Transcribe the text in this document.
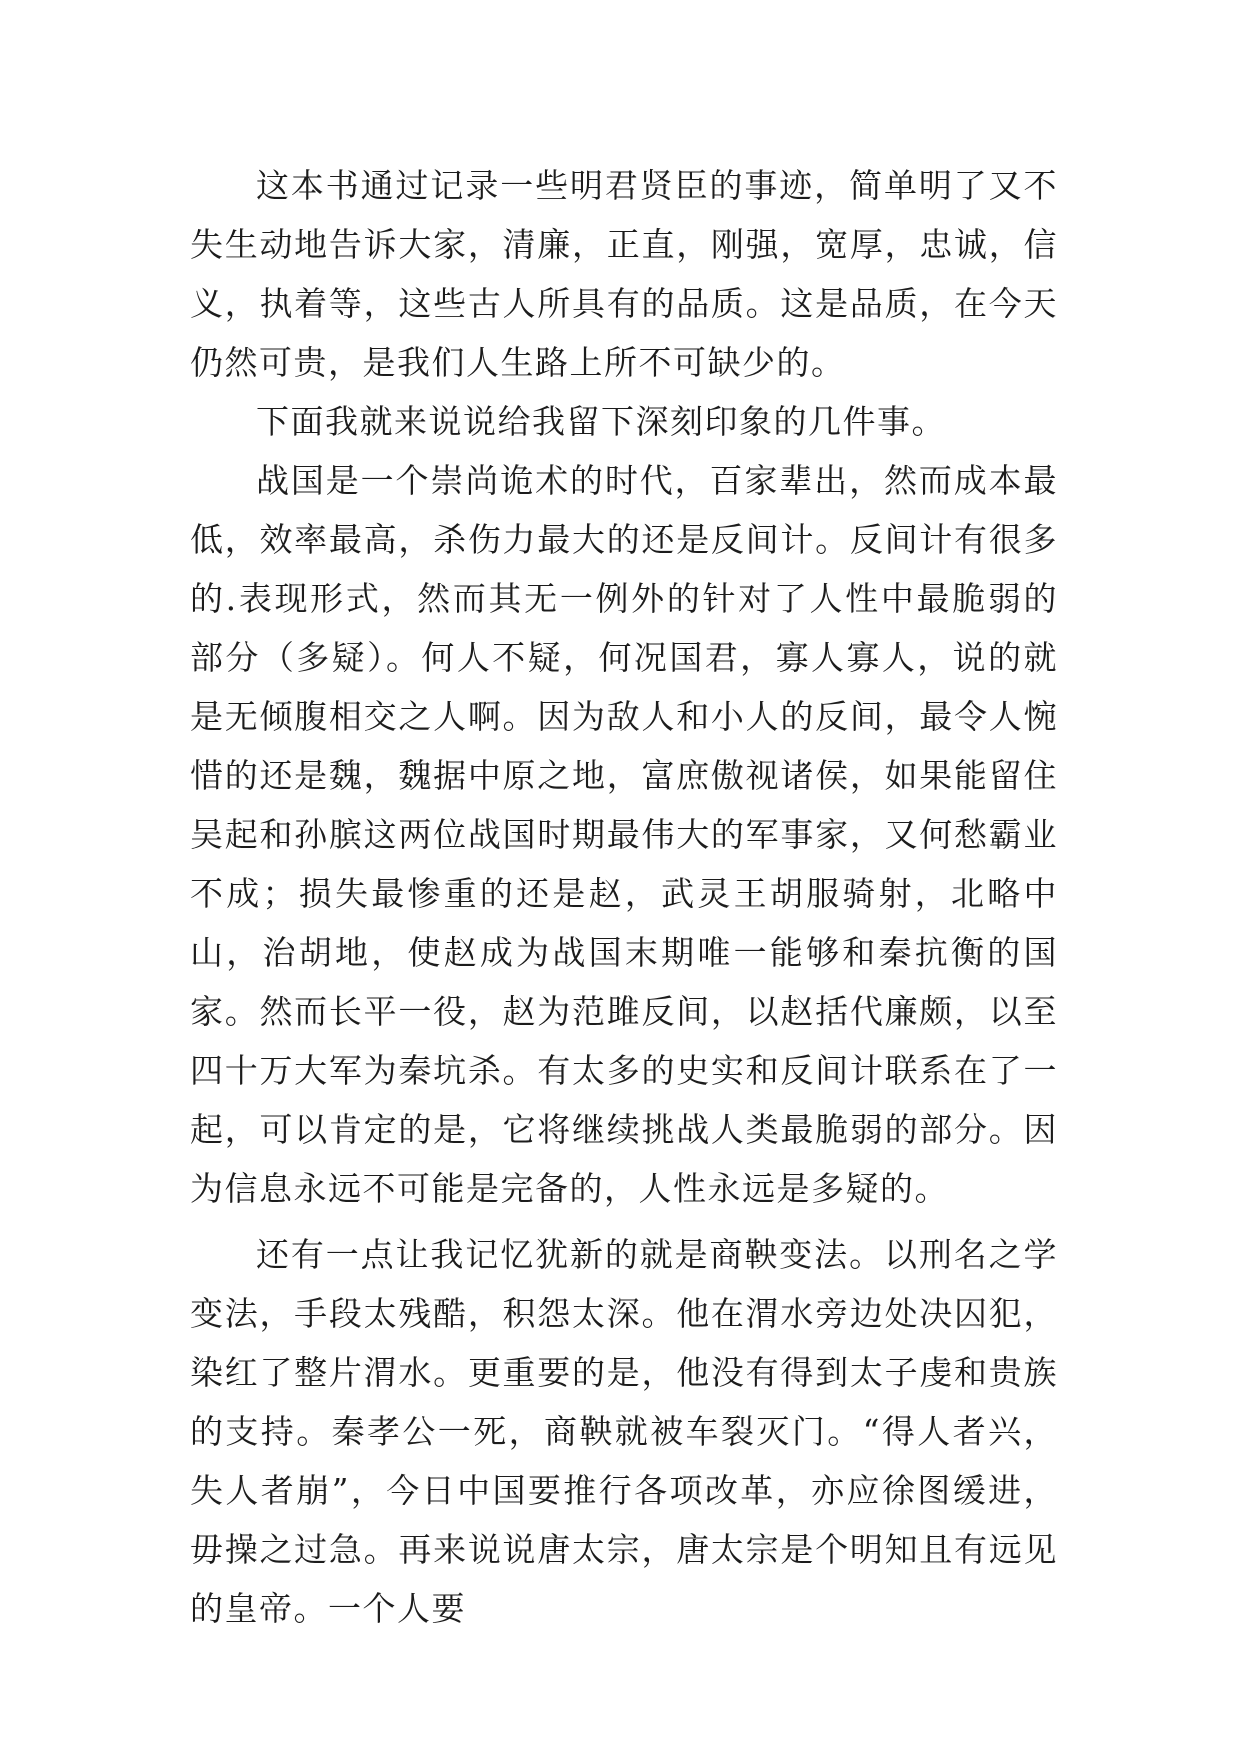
这本书通过记录一些明君贤臣的事迹，简单明了又不失生动地告诉大家，清廉，正直，刚强，宽厚，忠诚，信义，执着等，这些古人所具有的品质。这是品质，在今天仍然可贵，是我们人生路上所不可缺少的。

下面我就来说说给我留下深刻印象的几件事。

战国是一个崇尚诡术的时代，百家辈出，然而成本最低，效率最高，杀伤力最大的还是反间计。反间计有很多的.表现形式，然而其无一例外的针对了人性中最脆弱的部分（多疑）。何人不疑，何况国君，寡人寡人，说的就是无倾腹相交之人啊。因为敌人和小人的反间，最令人惋惜的还是魏，魏据中原之地，富庶傲视诸侯，如果能留住吴起和孙膑这两位战国时期最伟大的军事家，又何愁霸业不成；损失最惨重的还是赵，武灵王胡服骑射，北略中山，治胡地，使赵成为战国末期唯一能够和秦抗衡的国家。然而长平一役，赵为范雎反间，以赵括代廉颇，以至四十万大军为秦坑杀。有太多的史实和反间计联系在了一起，可以肯定的是，它将继续挑战人类最脆弱的部分。因为信息永远不可能是完备的，人性永远是多疑的。

还有一点让我记忆犹新的就是商鞅变法。以刑名之学变法，手段太残酷，积怨太深。他在渭水旁边处决囚犯，染红了整片渭水。更重要的是，他没有得到太子虔和贵族的支持。秦孝公一死，商鞅就被车裂灭门。“得人者兴，失人者崩”，今日中国要推行各项改革，亦应徐图缓进，毋操之过急。再来说说唐太宗，唐太宗是个明知且有远见的皇帝。一个人要
